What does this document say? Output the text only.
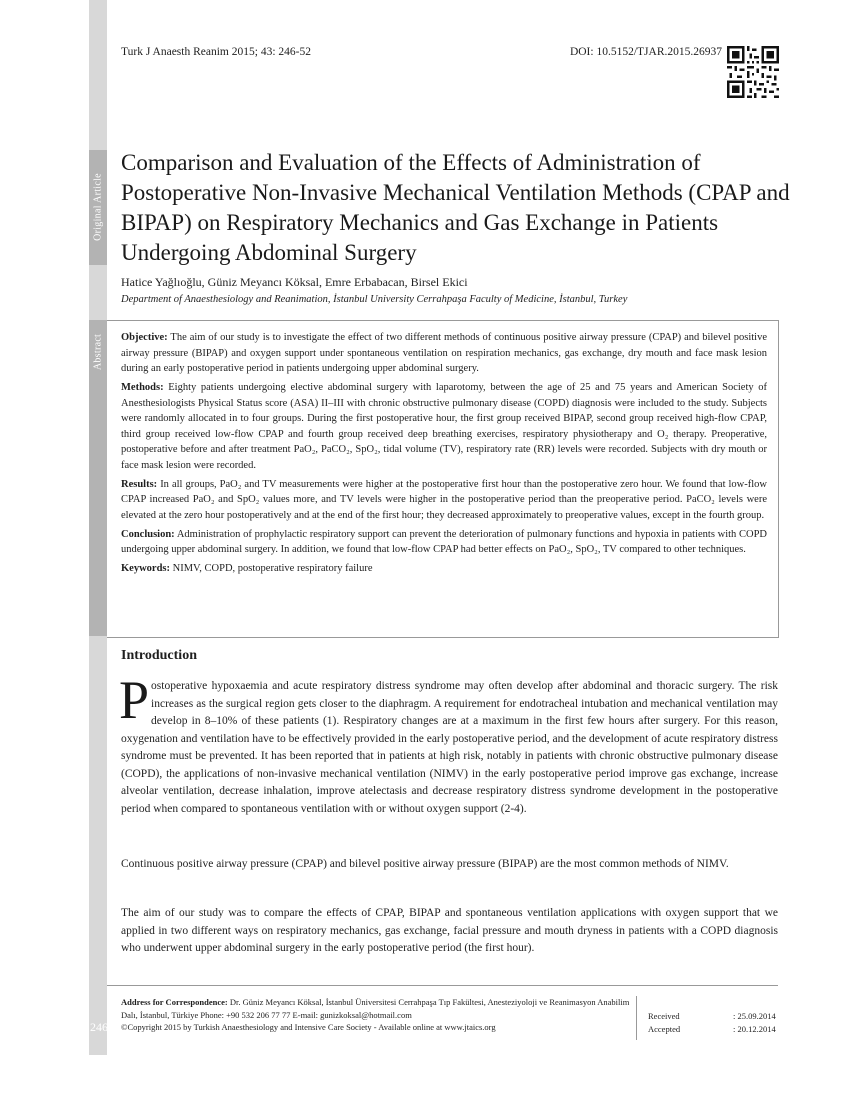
Original Article
Abstract
Turk J Anaesth Reanim 2015; 43: 246-52	DOI: 10.5152/TJAR.2015.26937
Comparison and Evaluation of the Effects of Administration of Postoperative Non-Invasive Mechanical Ventilation Methods (CPAP and BIPAP) on Respiratory Mechanics and Gas Exchange in Patients Undergoing Abdominal Surgery
Hatice Yağlıoğlu, Güniz Meyancı Köksal, Emre Erbabacan, Birsel Ekici
Department of Anaesthesiology and Reanimation, İstanbul University Cerrahpaşa Faculty of Medicine, İstanbul, Turkey

Objective: The aim of our study is to investigate the effect of two different methods of continuous positive airway pressure (CPAP) and bilevel positive airway pressure (BIPAP) and oxygen support under spontaneous ventilation on respiration mechanics, gas exchange, dry mouth and face mask lesion during an early postoperative period in patients undergoing upper abdominal surgery.

Methods: Eighty patients undergoing elective abdominal surgery with laparotomy, between the age of 25 and 75 years and American Society of Anesthesiologists Physical Status score (ASA) II–III with chronic obstructive pulmonary disease (COPD) diagnosis were included to the study. Subjects were randomly allocated in to four groups. During the first postoperative hour, the first group received BIPAP, second group received high-flow CPAP, third group received low-flow CPAP and fourth group received deep breathing exercises, respiratory physiotherapy and O₂ therapy. Preoperative, postoperative before and after treatment PaO₂, PaCO₂, SpO₂, tidal volume (TV), respiratory rate (RR) levels were recorded. Subjects with dry mouth or face mask lesion were recorded.

Results: In all groups, PaO₂ and TV measurements were higher at the postoperative first hour than the postoperative zero hour. We found that low-flow CPAP increased PaO₂ and SpO₂ values more, and TV levels were higher in the postoperative period than the preoperative period. PaCO₂ levels were elevated at the zero hour postoperatively and at the end of the first hour; they decreased approximately to preoperative values, except in the fourth group.

Conclusion: Administration of prophylactic respiratory support can prevent the deterioration of pulmonary functions and hypoxia in patients with COPD undergoing upper abdominal surgery. In addition, we found that low-flow CPAP had better effects on PaO₂, SpO₂, TV compared to other techniques.

Keywords: NIMV, COPD, postoperative respiratory failure

Introduction

Postoperative hypoxaemia and acute respiratory distress syndrome may often develop after abdominal and thoracic surgery. The risk increases as the surgical region gets closer to the diaphragm. A requirement for endotracheal intubation and mechanical ventilation may develop in 8–10% of these patients (1). Respiratory changes are at a maximum in the first few hours after surgery. For this reason, oxygenation and ventilation have to be effectively provided in the early postoperative period, and the development of acute respiratory distress syndrome must be prevented. It has been reported that in patients at high risk, notably in patients with chronic obstructive pulmonary disease (COPD), the applications of non-invasive mechanical ventilation (NIMV) in the early postoperative period improve gas exchange, increase alveolar ventilation, decrease inhalation, improve atelectasis and decrease respiratory distress syndrome development in the postoperative period when compared to spontaneous ventilation with or without oxygen support (2-4).

Continuous positive airway pressure (CPAP) and bilevel positive airway pressure (BIPAP) are the most common methods of NIMV.

The aim of our study was to compare the effects of CPAP, BIPAP and spontaneous ventilation applications with oxygen support that we applied in two different ways on respiratory mechanics, gas exchange, facial pressure and mouth dryness in patients with a COPD diagnosis who underwent upper abdominal surgery in the early postoperative period (the first hour).

246
Address for Correspondence: Dr. Güniz Meyancı Köksal, İstanbul Üniversitesi Cerrahpaşa Tıp Fakültesi, Anesteziyoloji ve Reanimasyon Anabilim Dalı, İstanbul, Türkiye Phone: +90 532 206 77 77 E-mail: gunizkoksal@hotmail.com
©Copyright 2015 by Turkish Anaesthesiology and Intensive Care Society - Available online at www.jtaics.org
Received	: 25.09.2014
Accepted	: 20.12.2014
